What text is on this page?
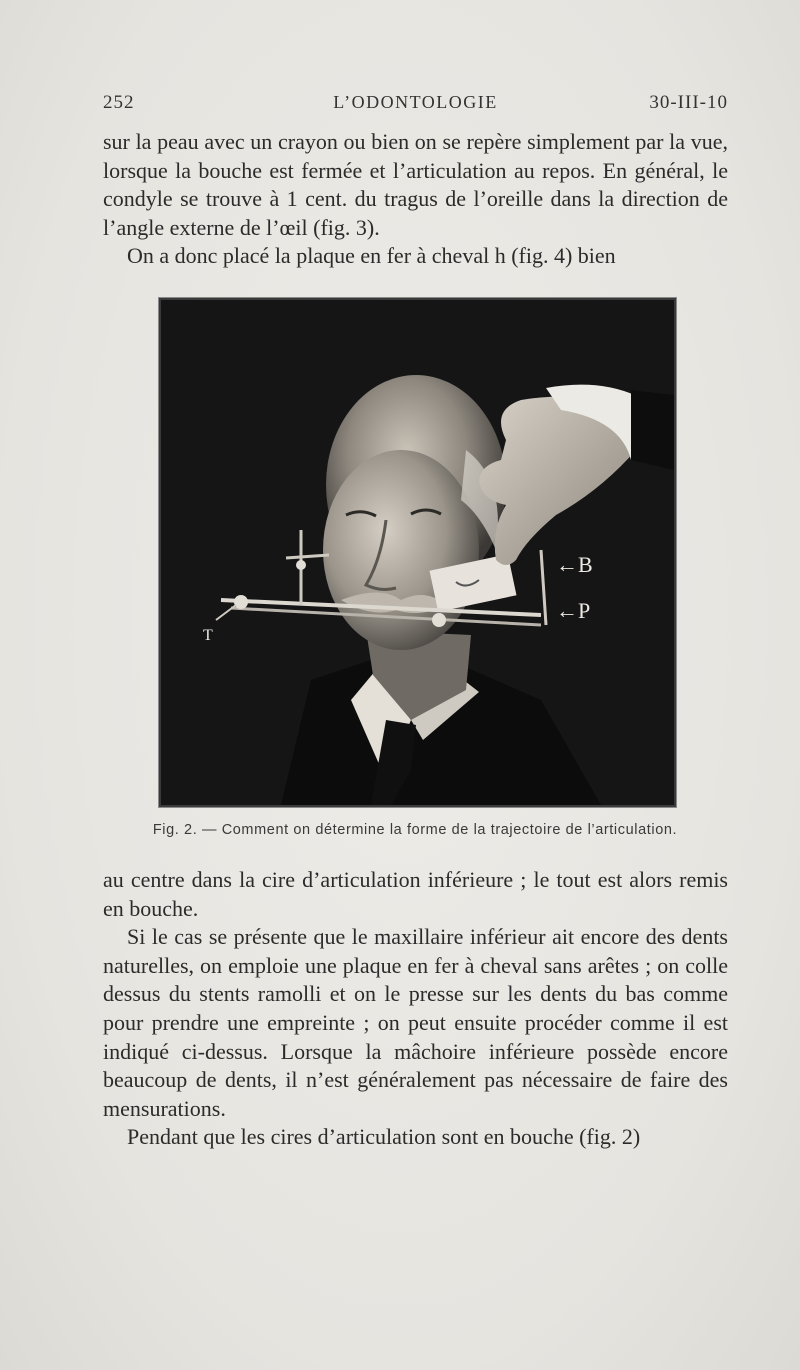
L’ODONTOLOGIE
252	30-III-10

sur la peau avec un crayon ou bien on se repère simplement par la vue, lorsque la bouche est fermée et l’articulation au repos. En général, le condyle se trouve à 1 cent. du tragus de l’oreille dans la direction de l’angle externe de l’œil (fig. 3).

On a donc placé la plaque en fer à cheval h (fig. 4) bien

←B
←P
T
Fig. 2. — Comment on détermine la forme de la trajectoire de l’articulation.

au centre dans la cire d’articulation inférieure ; le tout est alors remis en bouche.

Si le cas se présente que le maxillaire inférieur ait encore des dents naturelles, on emploie une plaque en fer à cheval sans arêtes ; on colle dessus du stents ramolli et on le presse sur les dents du bas comme pour prendre une empreinte ; on peut ensuite procéder comme il est indiqué ci-dessus. Lorsque la mâchoire inférieure possède encore beaucoup de dents, il n’est généralement pas nécessaire de faire des mensurations.

Pendant que les cires d’articulation sont en bouche (fig. 2)
